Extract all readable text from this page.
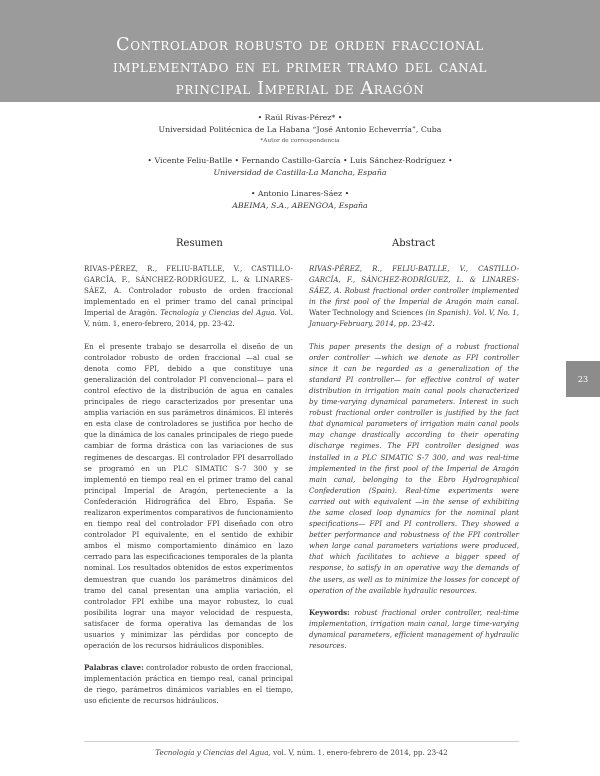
Controlador robusto de orden fraccional
implementado en el primer tramo del canal
principal Imperial de Aragón

• Raúl Rivas-Pérez* •

Universidad Politécnica de La Habana “José Antonio Echeverría”, Cuba

*Autor de correspondencia

• Vicente Feliu-Batlle • Fernando Castillo-García • Luis Sánchez-Rodríguez •

Universidad de Castilla-La Mancha, España

• Antonio Linares-Sáez •

ABEIMA, S.A., ABENGOA, España

Resumen	Abstract

RIVAS-PÉREZ, R., FELIU-BATLLE, V., CASTILLO-GARCÍA, F., SÁNCHEZ-RODRÍGUEZ, L. & LINARES-SÁEZ, A. Controlador robusto de orden fraccional implementado en el primer tramo del canal principal Imperial de Aragón. Tecnología y Ciencias del Agua. Vol. V, núm. 1, enero-febrero, 2014, pp. 23-42.

En el presente trabajo se desarrolla el diseño de un controlador robusto de orden fraccional —al cual se denota como FPI, debido a que constituye una generalización del controlador PI convencional— para el control efectivo de la distribución de agua en canales principales de riego caracterizados por presentar una amplia variación en sus parámetros dinámicos. El interés en esta clase de controladores se justifica por hecho de que la dinámica de los canales principales de riego puede cambiar de forma drástica con las variaciones de sus regímenes de descargas. El controlador FPI desarrollado se programó en un PLC SIMATIC S-7 300 y se implementó en tiempo real en el primer tramo del canal principal Imperial de Aragón, perteneciente a la Confederación Hidrográfica del Ebro, España. Se realizaron experimentos comparativos de funcionamiento en tiempo real del controlador FPI diseñado con otro controlador PI equivalente, en el sentido de exhibir ambos el mismo comportamiento dinámico en lazo cerrado para las especificaciones temporales de la planta nominal. Los resultados obtenidos de estos experimentos demuestran que cuando los parámetros dinámicos del tramo del canal presentan una amplia variación, el controlador FPI exhibe una mayor robustez, lo cual posibilita lograr una mayor velocidad de respuesta, satisfacer de forma operativa las demandas de los usuarios y minimizar las pérdidas por concepto de operación de los recursos hidráulicos disponibles.

Palabras clave: controlador robusto de orden fraccional, implementación práctica en tiempo real, canal principal de riego, parámetros dinámicos variables en el tiempo, uso eficiente de recursos hidráulicos.

RIVAS-PÉREZ, R., FELIU-BATLLE, V., CASTILLO-GARCÍA, F., SÁNCHEZ-RODRÍGUEZ, L. & LINARES-SÁEZ, A. Robust fractional order controller implemented in the first pool of the Imperial de Aragón main canal. Water Technology and Sciences (in Spanish). Vol. V, No. 1, January-February, 2014, pp. 23-42.

This paper presents the design of a robust fractional order controller —which we denote as FPI controller since it can be regarded as a generalization of the standard PI controller— for effective control of water distribution in irrigation main canal pools characterized by time-varying dynamical parameters. Interest in such robust fractional order controller is justified by the fact that dynamical parameters of irrigation main canal pools may change drastically according to their operating discharge regimes. The FPI controller designed was installed in a PLC SIMATIC S-7 300, and was real-time implemented in the first pool of the Imperial de Aragón main canal, belonging to the Ebro Hydrographical Confederation (Spain). Real-time experiments were carried out with equivalent —in the sense of exhibiting the same closed loop dynamics for the nominal plant specifications— FPI and PI controllers. They showed a better performance and robustness of the FPI controller when large canal parameters variations were produced, that which facilitates to achieve a bigger speed of response, to satisfy in an operative way the demands of the users, as well as to minimize the losses for concept of operation of the available hydraulic resources.

Keywords: robust fractional order controller, real-time implementation, irrigation main canal, large time-varying dynamical parameters, efficient management of hydraulic resources.

23
Tecnología y Ciencias del Agua, vol. V, núm. 1, enero-febrero de 2014, pp. 23-42
